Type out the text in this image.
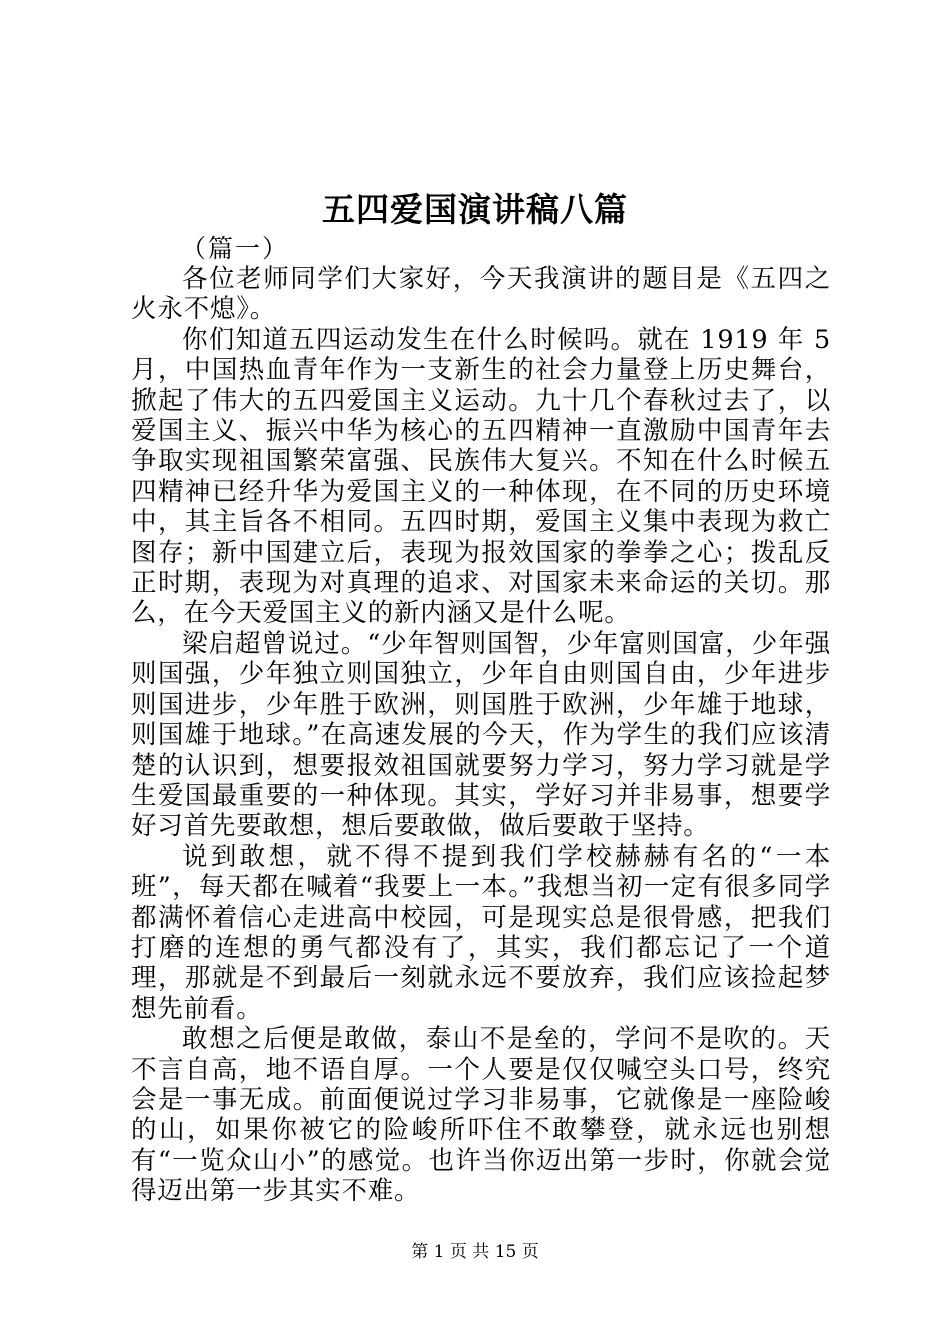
五四爱国演讲稿八篇
（篇一）

各位老师同学们大家好，今天我演讲的题目是《五四之火永不熄》。

你们知道五四运动发生在什么时候吗。就在 1919 年 5 月，中国热血青年作为一支新生的社会力量登上历史舞台，掀起了伟大的五四爱国主义运动。九十几个春秋过去了，以爱国主义、振兴中华为核心的五四精神一直激励中国青年去争取实现祖国繁荣富强、民族伟大复兴。不知在什么时候五四精神已经升华为爱国主义的一种体现，在不同的历史环境中，其主旨各不相同。五四时期，爱国主义集中表现为救亡图存；新中国建立后，表现为报效国家的拳拳之心；拨乱反正时期，表现为对真理的追求、对国家未来命运的关切。那么，在今天爱国主义的新内涵又是什么呢。

梁启超曾说过。“少年智则国智，少年富则国富，少年强则国强，少年独立则国独立，少年自由则国自由，少年进步则国进步，少年胜于欧洲，则国胜于欧洲，少年雄于地球，则国雄于地球。”在高速发展的今天，作为学生的我们应该清楚的认识到，想要报效祖国就要努力学习，努力学习就是学生爱国最重要的一种体现。其实，学好习并非易事，想要学好习首先要敢想，想后要敢做，做后要敢于坚持。

说到敢想，就不得不提到我们学校赫赫有名的“一本班”，每天都在喊着“我要上一本。”我想当初一定有很多同学都满怀着信心走进高中校园，可是现实总是很骨感，把我们打磨的连想的勇气都没有了，其实，我们都忘记了一个道理，那就是不到最后一刻就永远不要放弃，我们应该捡起梦想先前看。

敢想之后便是敢做，泰山不是垒的，学问不是吹的。天不言自高，地不语自厚。一个人要是仅仅喊空头口号，终究会是一事无成。前面便说过学习非易事，它就像是一座险峻的山，如果你被它的险峻所吓住不敢攀登，就永远也别想有“一览众山小”的感觉。也许当你迈出第一步时，你就会觉得迈出第一步其实不难。

第 1 页 共 15 页
